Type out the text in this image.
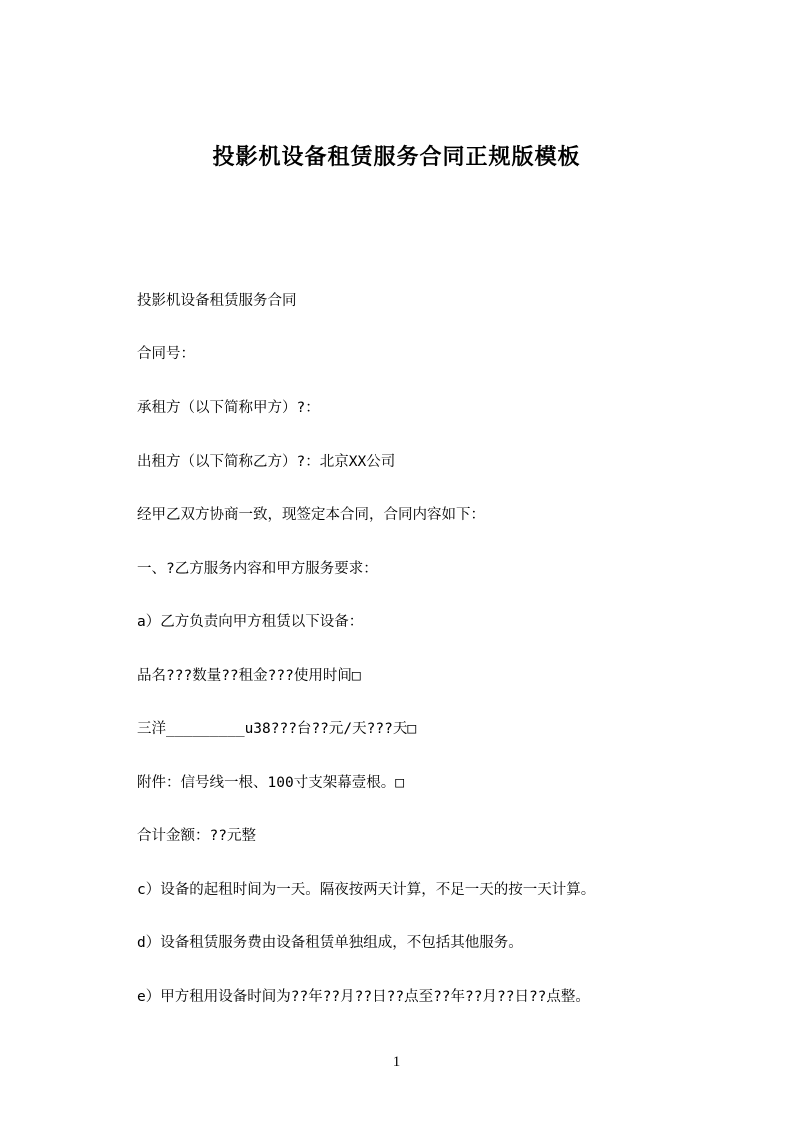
投影机设备租赁服务合同正规版模板

投影机设备租赁服务合同

合同号：

承租方（以下简称甲方）?：

出租方（以下简称乙方）?：北京XX公司

经甲乙双方协商一致，现签定本合同，合同内容如下：

一、?乙方服务内容和甲方服务要求：

a）乙方负责向甲方租赁以下设备：

品名???数量??租金???使用时间□

三洋_________u38???台??元/天???天□

附件：信号线一根、100寸支架幕壹根。□

合计金额：??元整

c）设备的起租时间为一天。隔夜按两天计算，不足一天的按一天计算。

d）设备租赁服务费由设备租赁单独组成，不包括其他服务。

e）甲方租用设备时间为??年??月??日??点至??年??月??日??点整。

1
